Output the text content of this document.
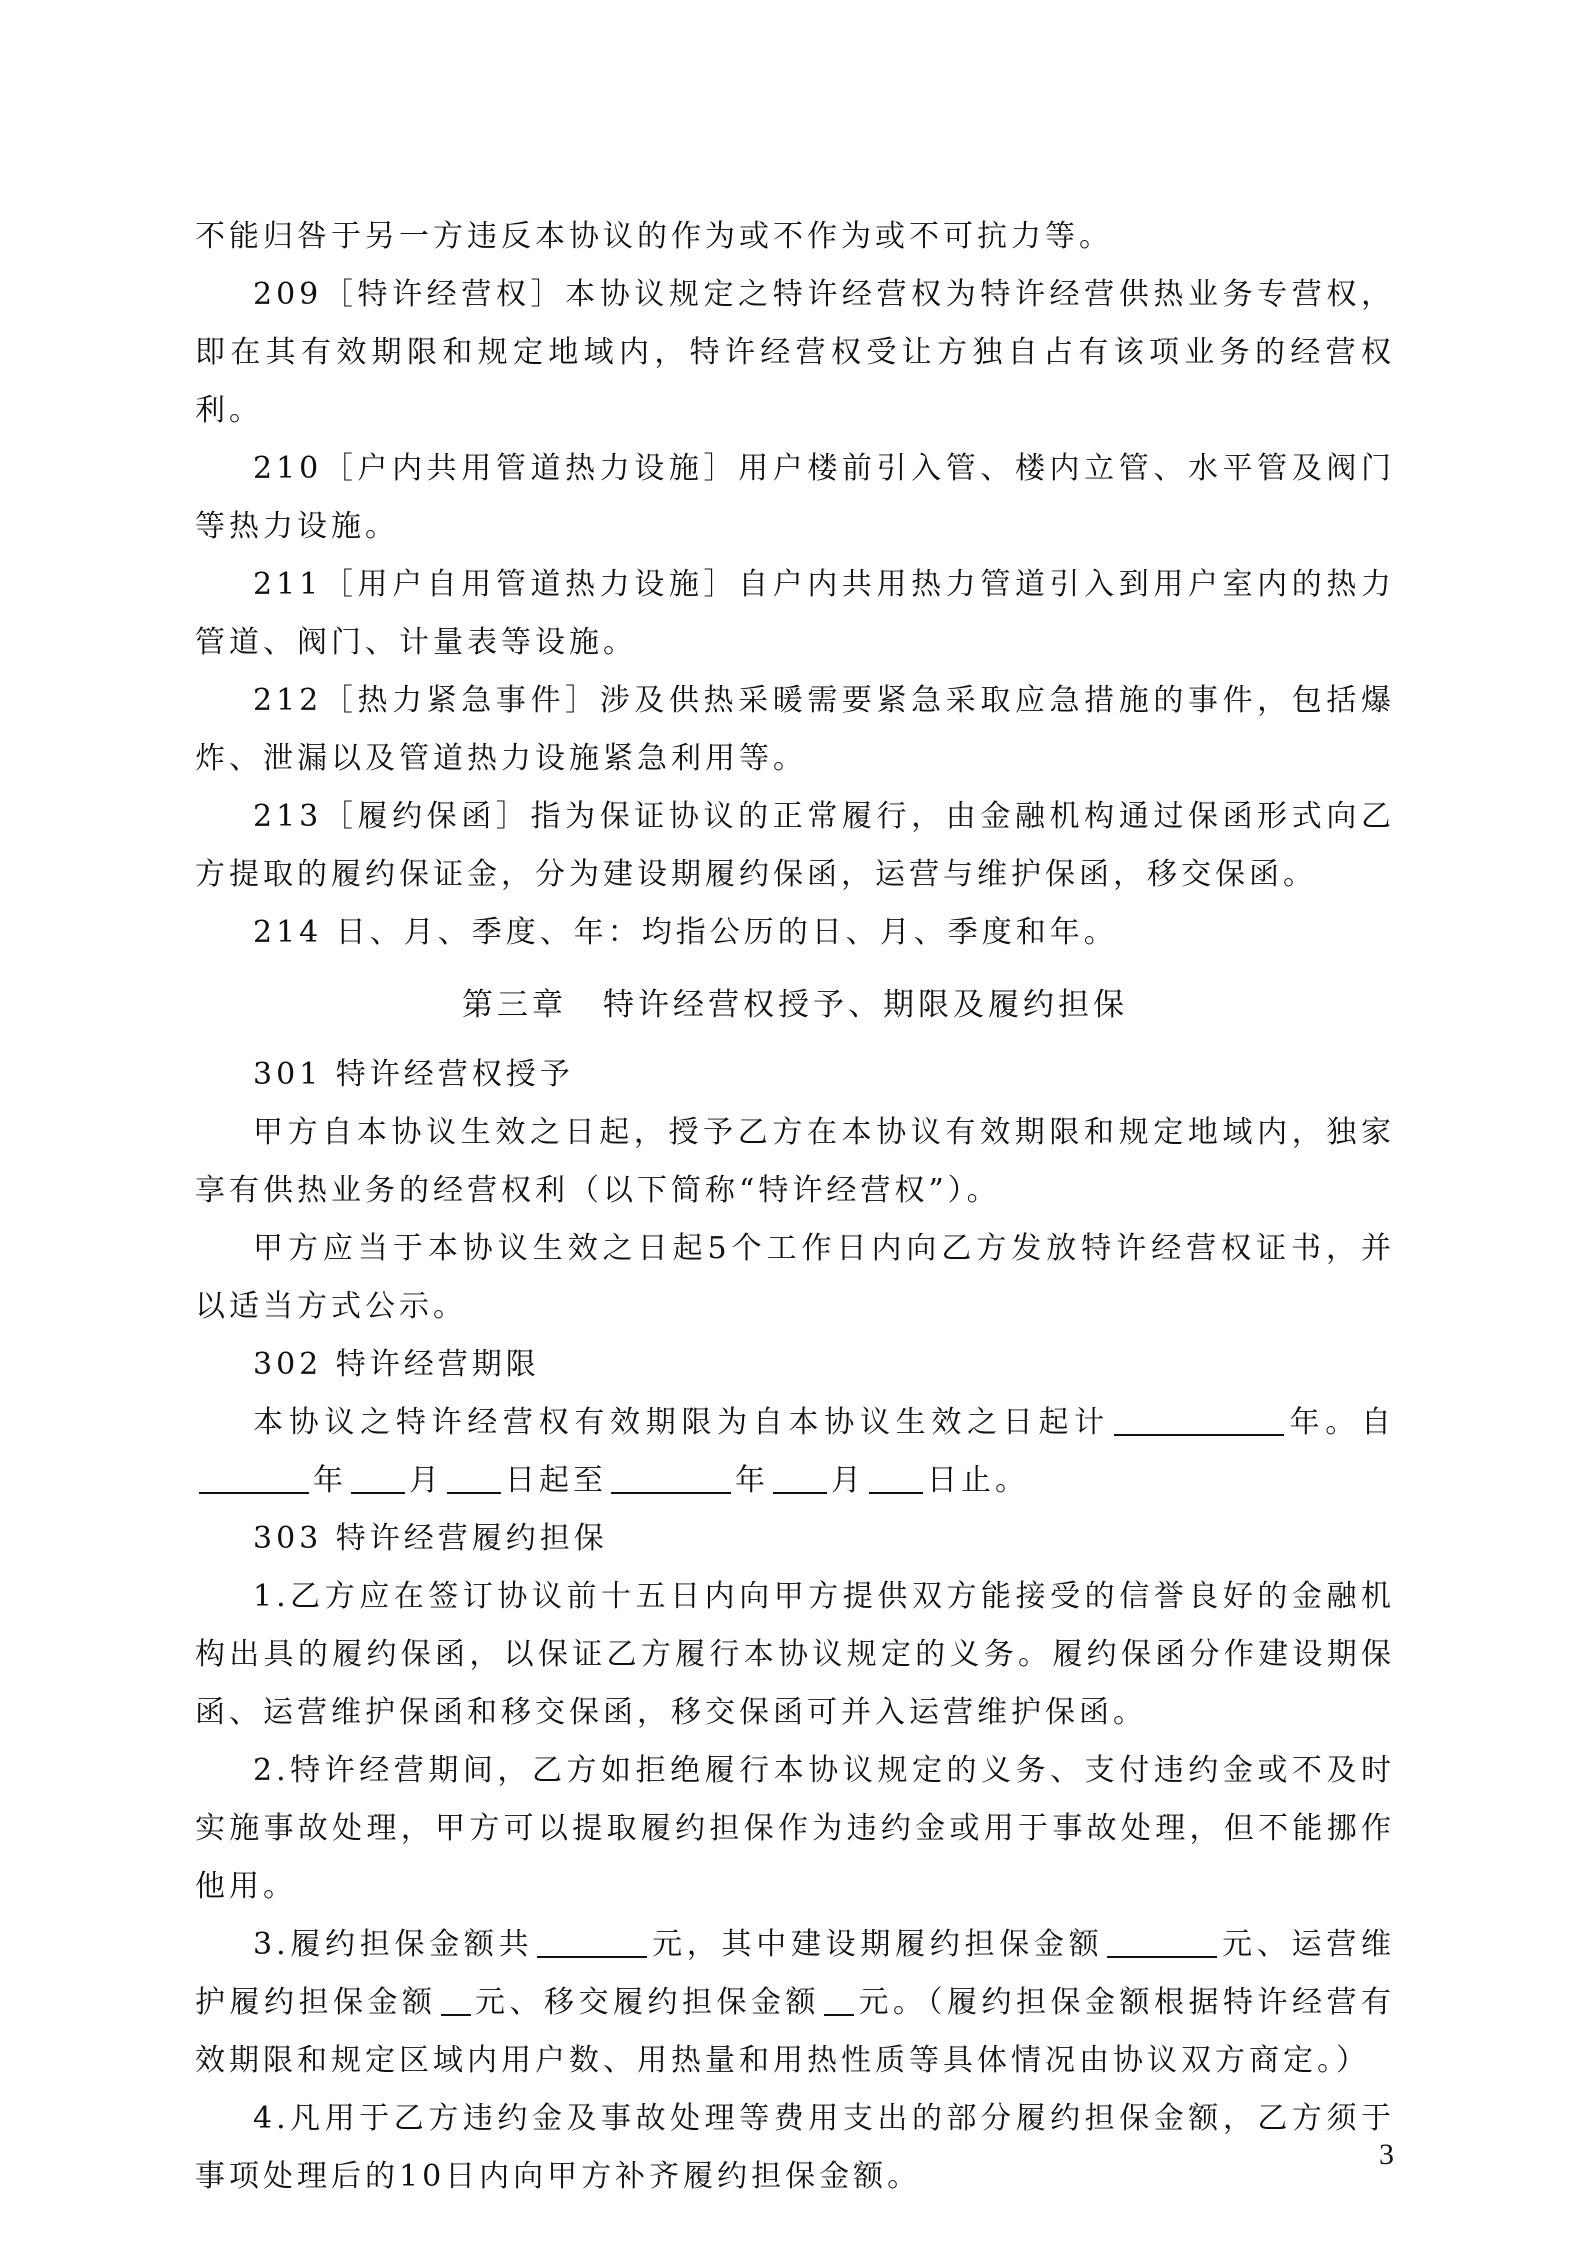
不能归咎于另一方违反本协议的作为或不作为或不可抗力等。

209［特许经营权］本协议规定之特许经营权为特许经营供热业务专营权，即在其有效期限和规定地域内，特许经营权受让方独自占有该项业务的经营权利。

210［户内共用管道热力设施］用户楼前引入管、楼内立管、水平管及阀门等热力设施。

211［用户自用管道热力设施］自户内共用热力管道引入到用户室内的热力管道、阀门、计量表等设施。

212［热力紧急事件］涉及供热采暖需要紧急采取应急措施的事件，包括爆炸、泄漏以及管道热力设施紧急利用等。

213［履约保函］指为保证协议的正常履行，由金融机构通过保函形式向乙方提取的履约保证金，分为建设期履约保函，运营与维护保函，移交保函。

214 日、月、季度、年：均指公历的日、月、季度和年。

第三章 特许经营权授予、期限及履约担保

301 特许经营权授予

甲方自本协议生效之日起，授予乙方在本协议有效期限和规定地域内，独家享有供热业务的经营权利（以下简称“特许经营权”）。

甲方应当于本协议生效之日起5个工作日内向乙方发放特许经营权证书，并以适当方式公示。

302 特许经营期限

本协议之特许经营权有效期限为自本协议生效之日起计	年。自年 月 日起至	年 月 日止。

303 特许经营履约担保

1.乙方应在签订协议前十五日内向甲方提供双方能接受的信誉良好的金融机构出具的履约保函，以保证乙方履行本协议规定的义务。履约保函分作建设期保函、运营维护保函和移交保函，移交保函可并入运营维护保函。

2.特许经营期间，乙方如拒绝履行本协议规定的义务、支付违约金或不及时实施事故处理，甲方可以提取履约担保作为违约金或用于事故处理，但不能挪作他用。

3.履约担保金额共	元，其中建设期履约担保金额	元、运营维护履约担保金额 元、移交履约担保金额 元。（履约担保金额根据特许经营有效期限和规定区域内用户数、用热量和用热性质等具体情况由协议双方商定。）

4.凡用于乙方违约金及事故处理等费用支出的部分履约担保金额，乙方须于事项处理后的10日内向甲方补齐履约担保金额。

3
